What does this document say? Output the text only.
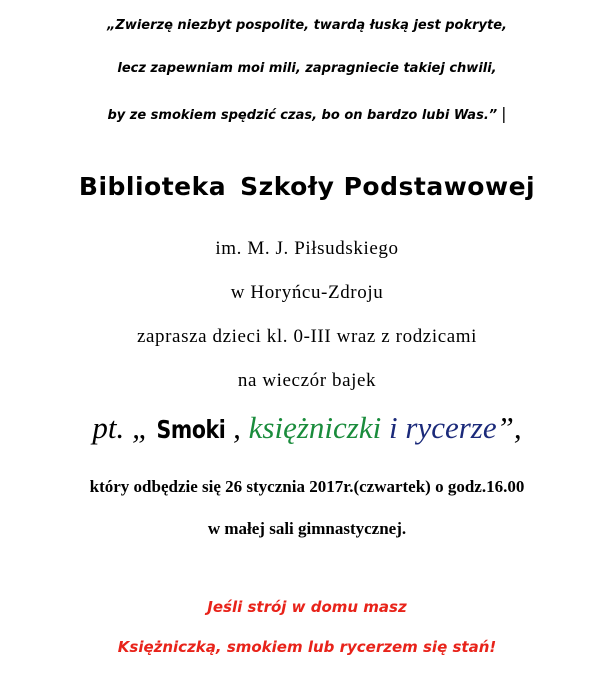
„Zwierzę niezbyt pospolite, twardą łuską jest pokryte,
lecz zapewniam moi mili, zapragniecie takiej chwili,
by ze smokiem spędzić czas, bo on bardzo lubi Was.” |
Biblioteka Szkoły Podstawowej
im. M. J. Piłsudskiego
w Horyńcu-Zdroju
zaprasza dzieci kl. 0-III wraz z rodzicami
na wieczór bajek
pt. „ Smoki , księżniczki i rycerze”,
który odbędzie się 26 stycznia 2017r.(czwartek) o godz.16.00
w małej sali gimnastycznej.
Jeśli strój w domu masz
Księżniczką, smokiem lub rycerzem się stań!
